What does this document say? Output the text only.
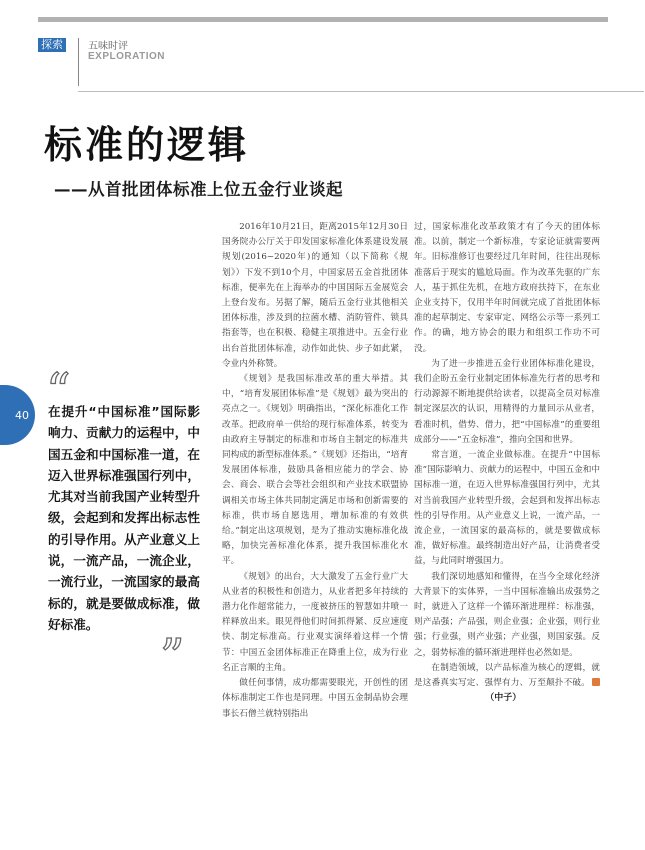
探索	五味时评
EXPLORATION
标准的逻辑
——从首批团体标准上位五金行业谈起
40 “

在提升“中国标准”国际影响力、贡献力的运程中，中国五金和中国标准一道，在迈入世界标准强国行列中，尤其对当前我国产业转型升级，会起到和发挥出标志性的引导作用。从产业意义上说，一流产品，一流企业，一流行业，一流国家的最高标的，就是要做成标准，做好标准。

”

2016年10月21日，距离2015年12月30日国务院办公厅关于印发国家标准化体系建设发展规划(2016~2020年)的通知（以下简称《规划》）下发不到10个月，中国家居五金首批团体标准，便率先在上海举办的中国国际五金展览会上登台发布。另据了解，随后五金行业其他相关团体标准，涉及到的拉菌水槽、消防管件、锁具指套等，也在积极、稳健主项推进中。五金行业出台首批团体标准，动作如此快、步子如此紧，令业内外称赞。

《规划》是我国标准改革的重大举措。其中，“培育发展团体标准”是《规划》最为突出的亮点之一。《规划》明确指出，“深化标准化工作改革。把政府单一供给的现行标准体系，转变为由政府主导制定的标准和市场自主制定的标准共同构成的新型标准体系。”《规划》还指出，“培育发展团体标准，鼓励具备相应能力的学会、协会、商会、联合会等社会组织和产业技术联盟协调相关市场主体共同制定满足市场和创新需要的标准，供市场自愿选用，增加标准的有效供给。”制定出这项规划，是为了推动实施标准化战略，加快完善标准化体系，提升我国标准化水平。

《规划》的出台，大大激发了五金行业广大从业者的积极性和创造力，从业者把多年持续的潜力化作超常能力，一度被挤压的智慧如井喷一样释放出来。眼见得他们时间抓得紧、反应速度快、制定标准高。行业观实演绎着这样一个情节：中国五金团体标准正在降重上位，成为行业名正言顺的主角。

做任何事情，成功都需要眼光，开创性的团体标准制定工作也是同理。中国五金制品协会理事长石僧兰就特别指出

过，国家标准化改革政策才有了今天的团体标准。以前，制定一个新标准，专家论证就需要两年。旧标准修订也要经过几年时间，往往出现标准落后于现实的尴尬局面。作为改革先驱的广东人，基于抓住先机，在地方政府扶持下，在东业企业支持下，仅用半年时间就完成了首批团体标准的起草制定、专家审定、网络公示等一系列工作。的确，地方协会的眼力和组织工作功不可没。

为了进一步推进五金行业团体标准化建设，我们企盼五金行业制定团体标准先行者的思考和行动源源不断地提供给读者，以提高全员对标准制定深层次的认识，用精得的力量回示从业者，看准时机，借势、借力，把“中国标准”的重要组成部分——“五金标准”，推向全国和世界。

常言道，一流企业做标准。在提升“中国标准”国际影响力、贡献力的运程中，中国五金和中国标准一道，在迈入世界标准强国行列中，尤其对当前我国产业转型升级，会起到和发挥出标志性的引导作用。从产业意义上说，一流产品，一流企业，一流国家的最高标的，就是要做成标准，做好标准。最终制造出好产品，让消费者受益，与此同时增强国力。

我们深切地感知和懂得，在当今全球化经济大背景下的实体界，一当中国标准输出成强势之时，就进入了这样一个循环渐进理样：标准强，则产品强；产品强，则企业强；企业强，则行业强；行业强，则产业强；产业强，则国家强。反之，弱势标准的循环渐进理样也必然如是。

在制造领域，以产品标准为核心的逻辑，就是这番真实写定、强悍有力、万至颠扑不破。（中子）
